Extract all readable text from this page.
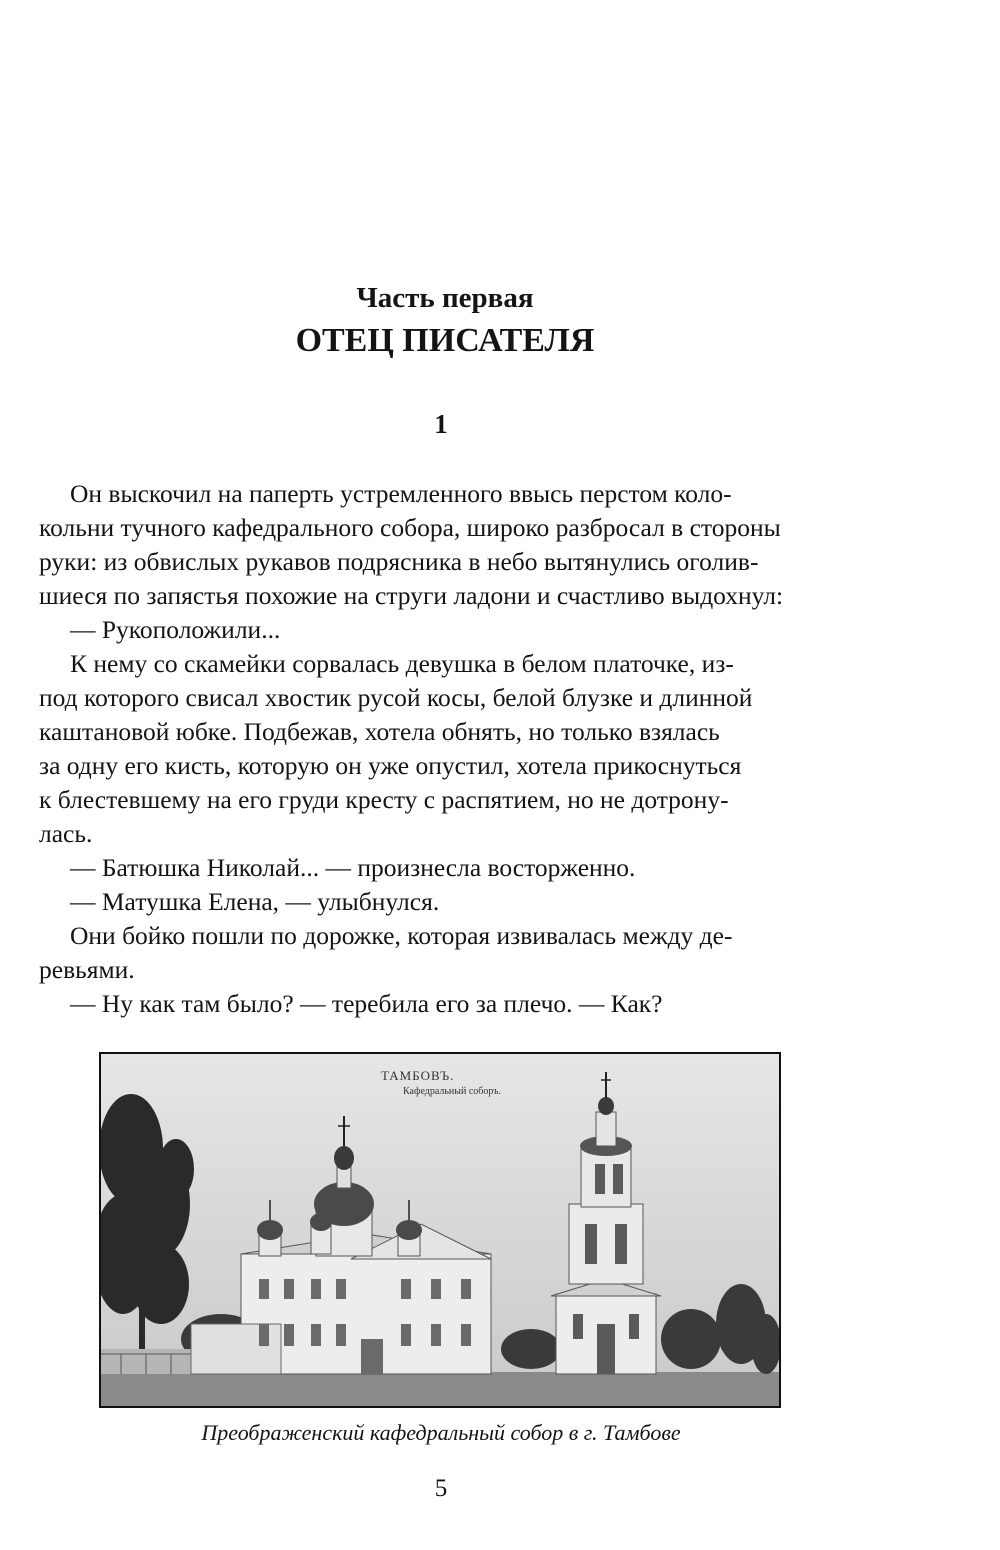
Часть первая
ОТЕЦ ПИСАТЕЛЯ
1
Он выскочил на паперть устремленного ввысь перстом коло-
кольни тучного кафедрального собора, широко разбросал в стороны
руки: из обвислых рукавов подрясника в небо вытянулись оголив-
шиеся по запястья похожие на струги ладони и счастливо выдохнул:
— Рукоположили...
К нему со скамейки сорвалась девушка в белом платочке, из-
под которого свисал хвостик русой косы, белой блузке и длинной
каштановой юбке. Подбежав, хотела обнять, но только взялась
за одну его кисть, которую он уже опустил, хотела прикоснуться
к блестевшему на его груди кресту с распятием, но не дотрону-
лась.
— Батюшка Николай... — произнесла восторженно.
— Матушка Елена, — улыбнулся.
Они бойко пошли по дорожке, которая извивалась между де-
ревьями.
— Ну как там было? — теребила его за плечо. — Как?
ТАМБОВЪ.
Кафедральный соборъ.
Преображенский кафедральный собор в г. Тамбове
5
